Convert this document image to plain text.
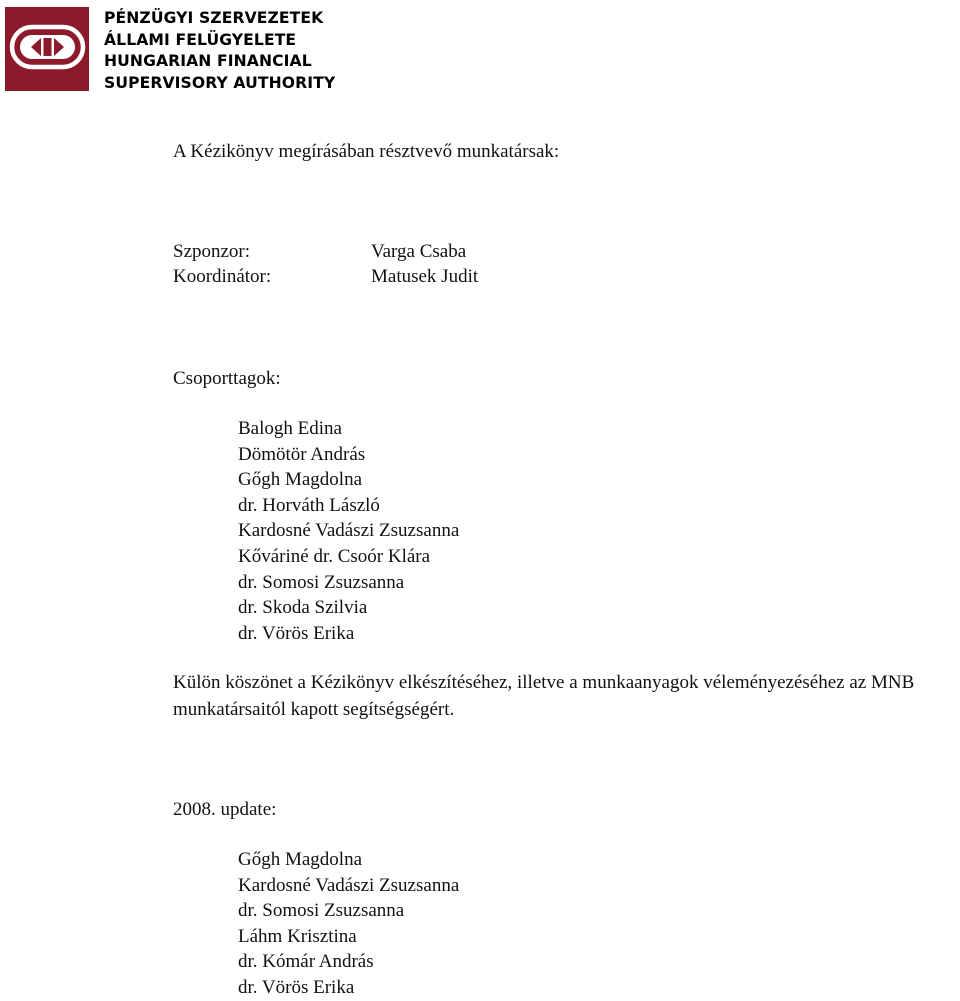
PÉNZÜGYI SZERVEZETEK
ÁLLAMI FELÜGYELETE
HUNGARIAN FINANCIAL
SUPERVISORY AUTHORITY
A Kézikönyv megírásában résztvevő munkatársak:
Szponzor:	Varga Csaba
Koordinátor:	Matusek Judit
Csoporttagok:
Balogh Edina
Dömötör András
Gőgh Magdolna
dr. Horváth László
Kardosné Vadászi Zsuzsanna
Kőváriné dr. Csoór Klára
dr. Somosi Zsuzsanna
dr. Skoda Szilvia
dr. Vörös Erika
Külön köszönet a Kézikönyv elkészítéséhez, illetve a munkaanyagok véleményezéséhez az MNB munkatársaitól kapott segítségségért.
2008. update:
Gőgh Magdolna
Kardosné Vadászi Zsuzsanna
dr. Somosi Zsuzsanna
Láhm Krisztina
dr. Kómár András
dr. Vörös Erika
